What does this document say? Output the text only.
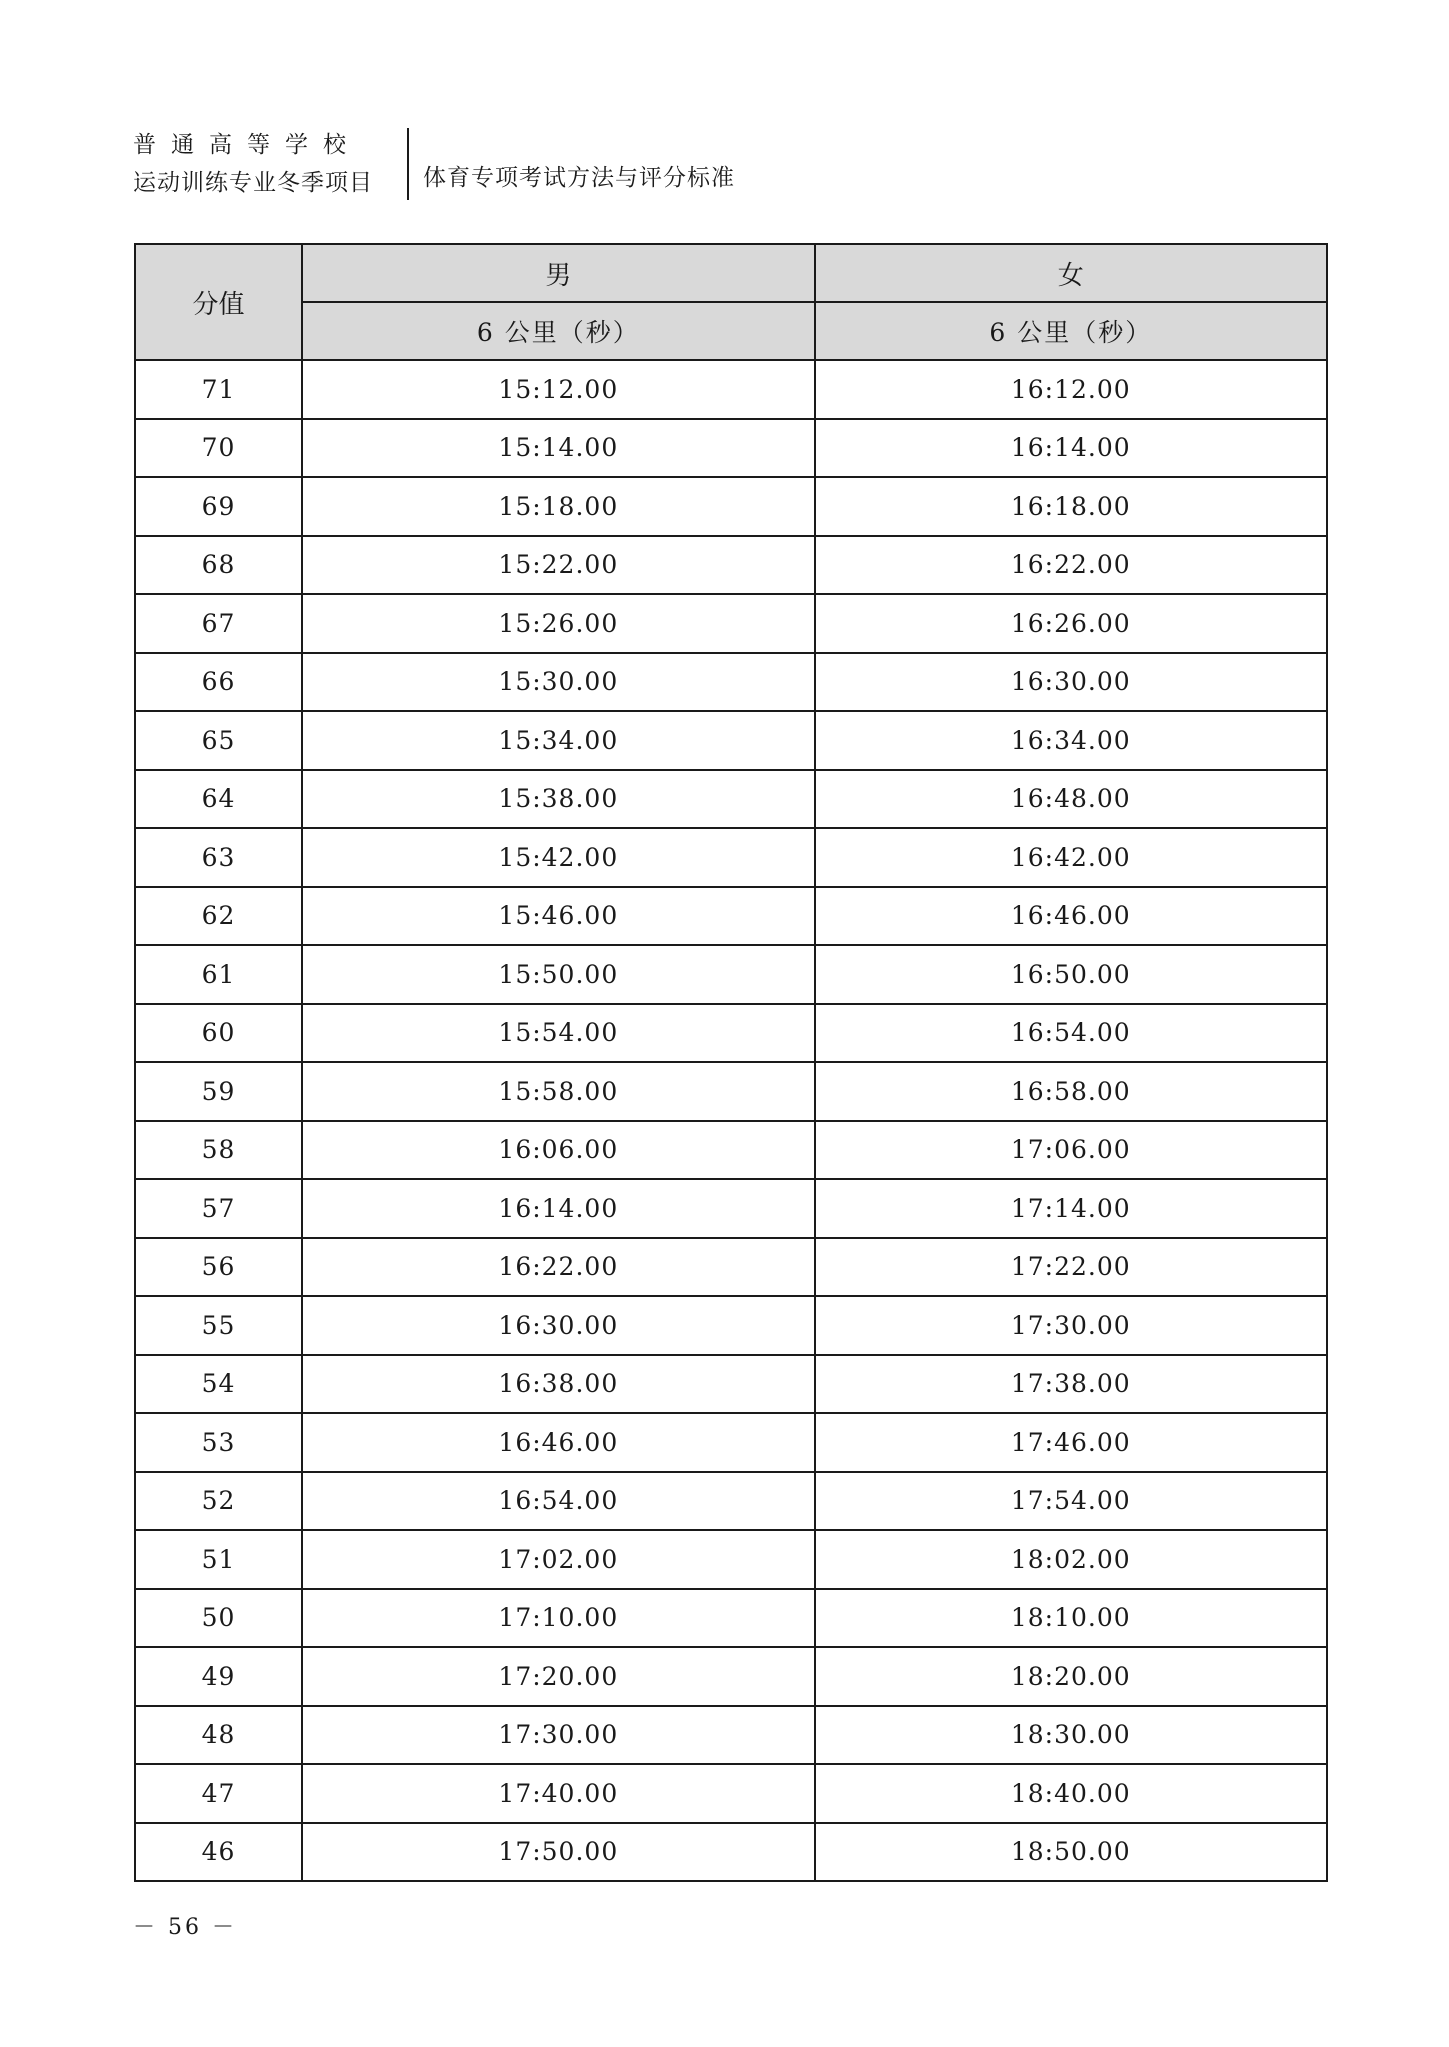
普通高等学校
运动训练专业冬季项目	体育专项考试方法与评分标准
分值	男	女
	6 公里（秒）	6 公里（秒）
71	15:12.00	16:12.00
70	15:14.00	16:14.00
69	15:18.00	16:18.00
68	15:22.00	16:22.00
67	15:26.00	16:26.00
66	15:30.00	16:30.00
65	15:34.00	16:34.00
64	15:38.00	16:48.00
63	15:42.00	16:42.00
62	15:46.00	16:46.00
61	15:50.00	16:50.00
60	15:54.00	16:54.00
59	15:58.00	16:58.00
58	16:06.00	17:06.00
57	16:14.00	17:14.00
56	16:22.00	17:22.00
55	16:30.00	17:30.00
54	16:38.00	17:38.00
53	16:46.00	17:46.00
52	16:54.00	17:54.00
51	17:02.00	18:02.00
50	17:10.00	18:10.00
49	17:20.00	18:20.00
48	17:30.00	18:30.00
47	17:40.00	18:40.00
46	17:50.00	18:50.00
－ 56 －
